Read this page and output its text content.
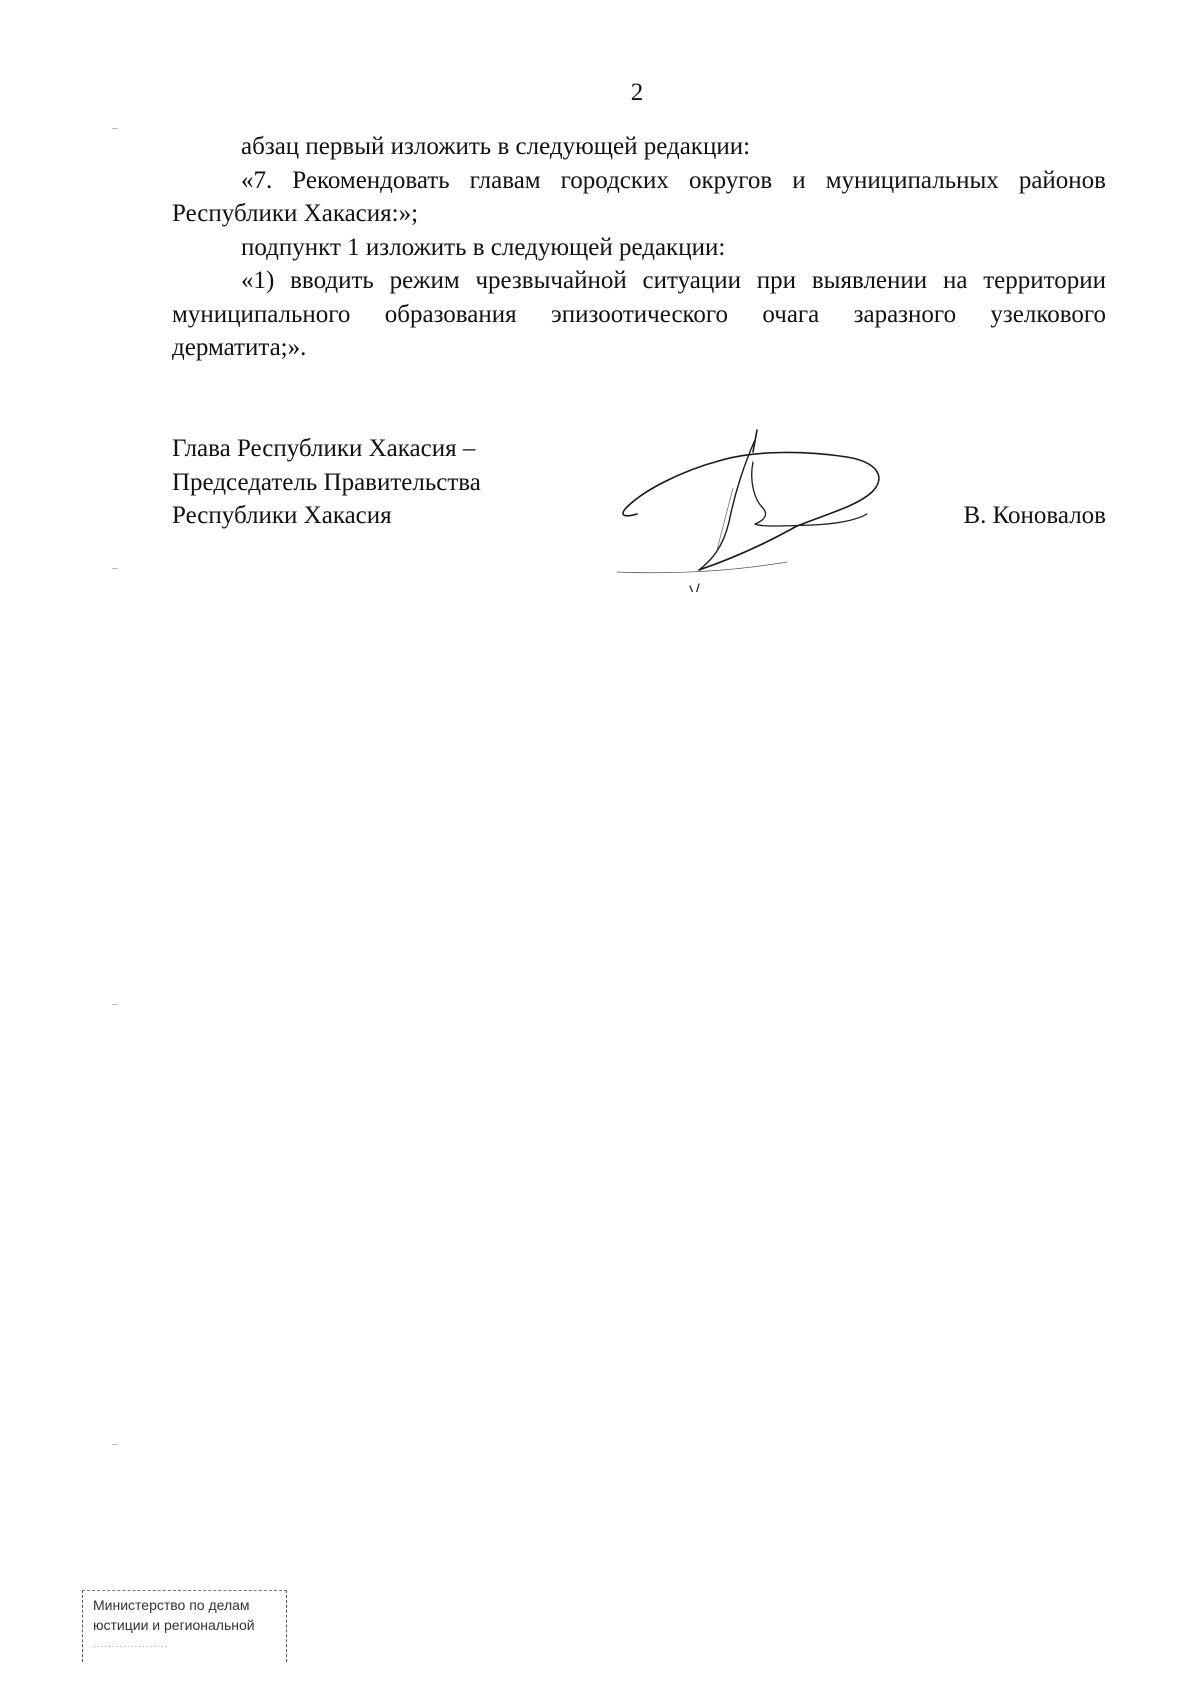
2

абзац первый изложить в следующей редакции:

«7. Рекомендовать главам городских округов и муниципальных районов Республики Хакасия:»;

подпункт 1 изложить в следующей редакции:

«1) вводить режим чрезвычайной ситуации при выявлении на территории муниципального образования эпизоотического очага заразного узелкового дерматита;».

Глава Республики Хакасия –
Председатель Правительства
Республики Хакасия	В. Коновалов
Министерство по делам
юстиции и региональной
....................
